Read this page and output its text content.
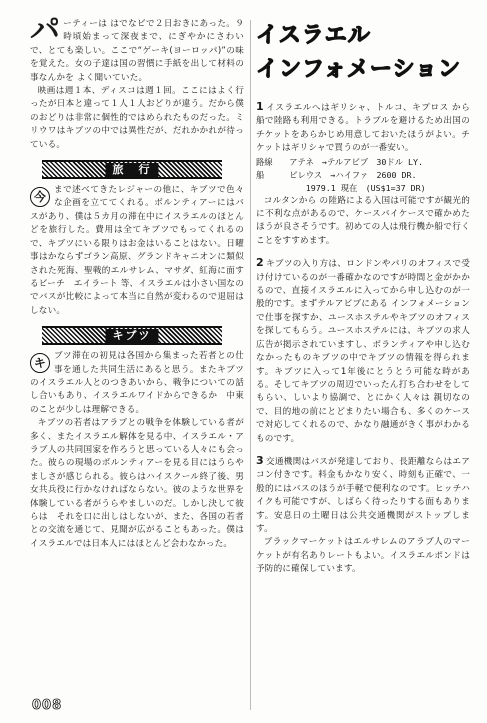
パ ーティーは はでなビで２日おきにあった。９時頃始まって深夜まで、にぎやかにさわいで、とても楽しい。ここで“ゲーキ(ヨーロッパ)”の味を覚えた。女の子達は国の習慣に手紙を出して材料の事なんかを よく聞いていた。

映画は週１本、ディスコは週１回。ここにはよく行ったが日本と違って１人１人おどりが違う。だから僕のおどりは非常に個性的ではめられたものだった。ミリウワはキブツの中では異性だが、だれかかれが待っている。

旅　行

今 まで述べてきたレジャーの他に、キブツで色々な企画を立ててくれる。ボルンティアーにはバスがあり、僕は５カ月の滞在中にイスラエルのほとんどを旅行した。費用は全てキブツでもってくれるので、キブツにいる限りはお金はいることはない。日曜事はかならずゴラン高原、グランドキャニオンに類似された死海、聖戦的エルサレム、マサダ、紅海に面するビーチ　エイラート 等、イスラエルは小さい国なのでバスが比較によって本当に自然が変わるので退屈はしない。

キブツ

キ ブツ滞在の初見は各国から集まった若者との仕事を通した共同生活にあると思う。またキブツのイスラエル人とのつきあいから、戦争についての話し合いもあり、イスラエルワイドからできるか　中東のことが少しは理解できる。

キブツの若者はアラブとの戦争を体験している者が多く、またイスラエル解体を見る中、イスラエル・アラブ人の共同国家を作ろうと思っている人々にも会った。彼らの現場のボルンティアーを見る目にはうらやましさが感じられる。彼らはハイスクール終了後、男女共兵役に行かなければならない。彼のような世界を体験している者がうらやましいのだ。しかし決して彼らは　それを口に出しはしないが、また、各国の若者との交流を通じて、見聞が広がることもあった。僕はイスラエルでは日本人にはほとんど会わなかった。

イスラエル
インフォメーション

1 イスラエルへはギリシャ、トルコ、キプロス から船で陸路も利用できる。トラブルを避けるため出国のチケットをあらかじめ用意しておいたほうがよい。チケットはギリシャで買うのが一番安い。

路線　　アテネ　→テルアビブ　30ドル LY.
船　　　ピレウス　→ハイファ　2600 DR.
　　　　　　1979.1 現在　(US$1=37 DR)

コルタンから の陸路による入国は可能ですが観光的に不利な点があるので、ケースバイケースで確かめたほうが良さそうです。初めての人は飛行機か船で行くことをすすめます。

2 キブツの入り方は、ロンドンやパリのオフィスで受け付けているのが一番確かなのですが時間と金がかかるので、直接イスラエルに入ってから申し込むのが一般的です。まずテルアビブにある インフォメーションで仕事を探すか、ユースホステルやキブツのオフィスを探してもらう。ユースホステルには、キブツの求人広告が掲示されていますし、ボランティアや申し込むなかったものキブツの中でキブツの情報を得られます。キブツに入って1年後にとうとう可能な時がある。そしてキブツの周辺でいったん打ち合わせをしてもらい、しいより協調で、とにかく人々は 親切なので、目的地の前にとどまりたい場合も、多くのケースで対応してくれるので、かなり融通がきく事がわかるものです。

3 交通機関はバスが発達しており、長距離ならはエアコン付きです。料金もかなり安く、時刻も正確で、一般的にはバスのほうが手軽で便利なのです。ヒッチハイクも可能ですが、しばらく待ったりする面もあります。安息日の土曜日は公共交通機関がストップします。

ブラックマーケットはエルサレムのアラブ人のマーケットが有名ありレートもよい。イスラエルポンドは予防的に確保しています。

008
